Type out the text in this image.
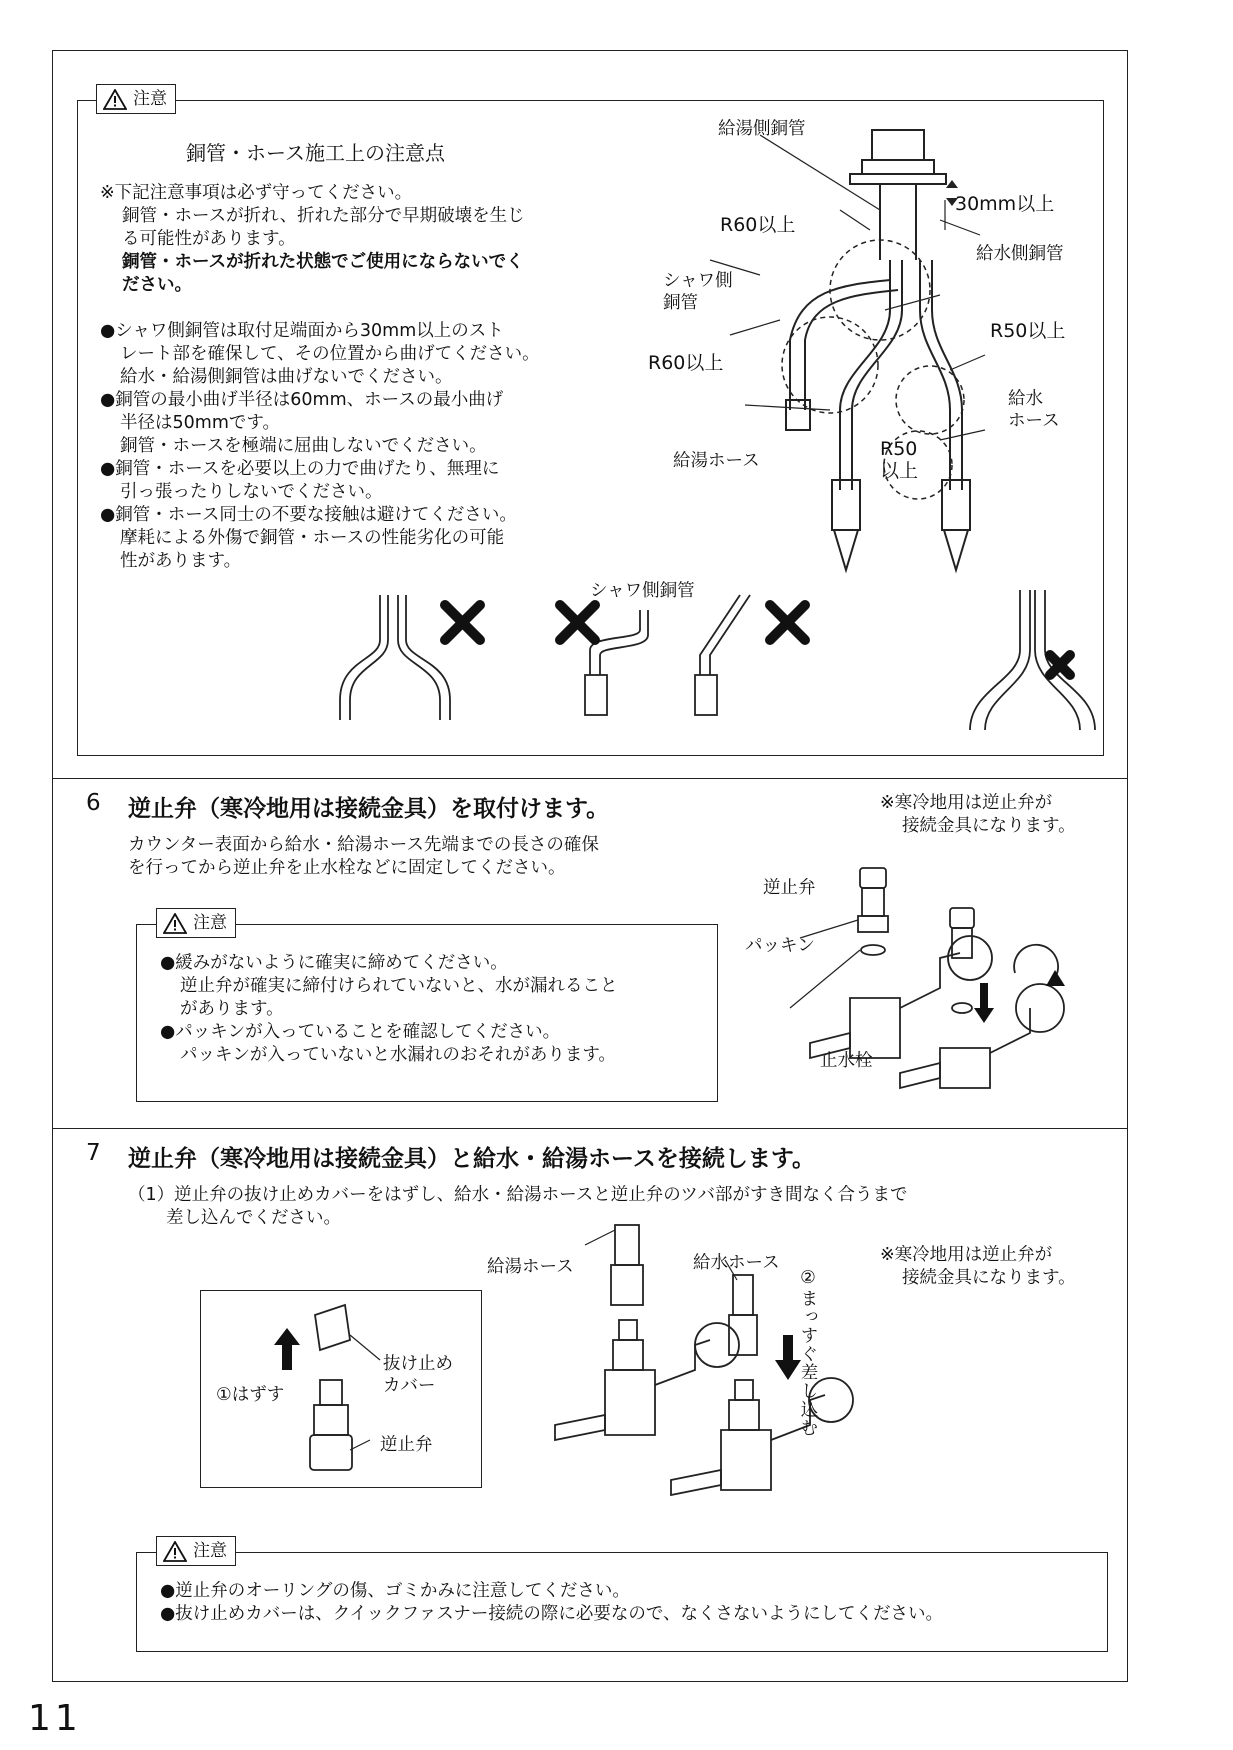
注意
銅管・ホース施工上の注意点
※下記注意事項は必ず守ってください。
銅管・ホースが折れ、折れた部分で早期破壊を生じ
る可能性があります。
銅管・ホースが折れた状態でご使用にならないでく
ださい。
●シャワ側銅管は取付足端面から30mm以上のスト
レート部を確保して、その位置から曲げてください。
給水・給湯側銅管は曲げないでください。
●銅管の最小曲げ半径は60mm、ホースの最小曲げ
半径は50mmです。
銅管・ホースを極端に屈曲しないでください。
●銅管・ホースを必要以上の力で曲げたり、無理に
引っ張ったりしないでください。
●銅管・ホース同士の不要な接触は避けてください。
摩耗による外傷で銅管・ホースの性能劣化の可能
性があります。
給湯側銅管
30mm以上
R60以上
給水側銅管
シャワ側
銅管
R50以上
R60以上
給水
ホース
R50
以上
給湯ホース
シャワ側銅管
6 逆止弁（寒冷地用は接続金具）を取付けます。	※寒冷地用は逆止弁が
接続金具になります。
カウンター表面から給水・給湯ホース先端までの長さの確保
を行ってから逆止弁を止水栓などに固定してください。
注意
●緩みがないように確実に締めてください。
逆止弁が確実に締付けられていないと、水が漏れること
があります。
●パッキンが入っていることを確認してください。
パッキンが入っていないと水漏れのおそれがあります。
逆止弁
パッキン
止水栓
7 逆止弁（寒冷地用は接続金具）と給水・給湯ホースを接続します。
（1）逆止弁の抜け止めカバーをはずし、給水・給湯ホースと逆止弁のツバ部がすき間なく合うまで
差し込んでください。
※寒冷地用は逆止弁が
接続金具になります。
①はずす
抜け止め
カバー
逆止弁
給湯ホース	給水ホース
②まっすぐ差し込む
注意
●逆止弁のオーリングの傷、ゴミかみに注意してください。
●抜け止めカバーは、クイックファスナー接続の際に必要なので、なくさないようにしてください。
11
